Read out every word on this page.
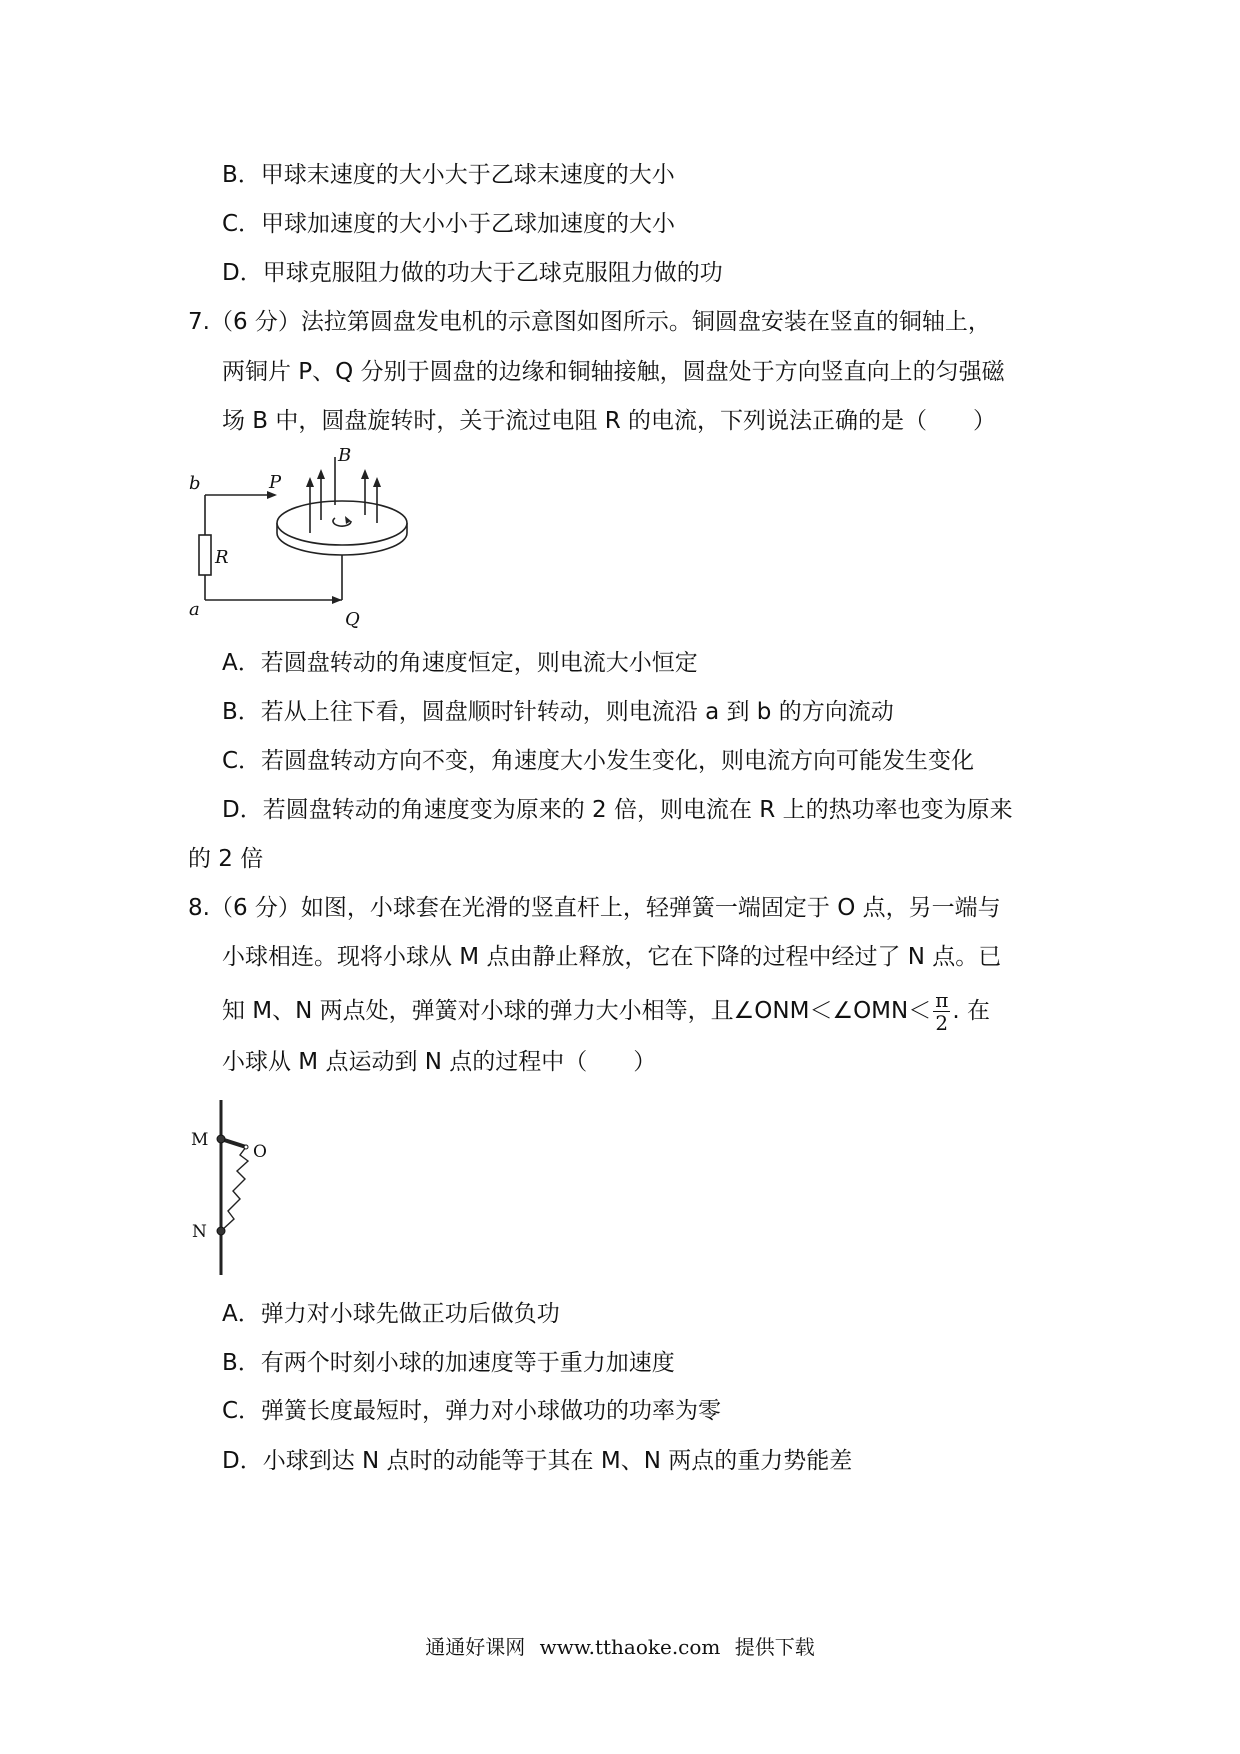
B．甲球末速度的大小大于乙球末速度的大小
C．甲球加速度的大小小于乙球加速度的大小
D．甲球克服阻力做的功大于乙球克服阻力做的功
7.（6 分）法拉第圆盘发电机的示意图如图所示。铜圆盘安装在竖直的铜轴上，
两铜片 P、Q 分别于圆盘的边缘和铜轴接触，圆盘处于方向竖直向上的匀强磁
场 B 中，圆盘旋转时，关于流过电阻 R 的电流，下列说法正确的是（　　）
b	P
B
R
a	Q
A．若圆盘转动的角速度恒定，则电流大小恒定
B．若从上往下看，圆盘顺时针转动，则电流沿 a 到 b 的方向流动
C．若圆盘转动方向不变，角速度大小发生变化，则电流方向可能发生变化
D．若圆盘转动的角速度变为原来的 2 倍，则电流在 R 上的热功率也变为原来
的 2 倍
8.（6 分）如图，小球套在光滑的竖直杆上，轻弹簧一端固定于 O 点，另一端与
小球相连。现将小球从 M 点由静止释放，它在下降的过程中经过了 N 点。已
知 M、N 两点处，弹簧对小球的弹力大小相等，且∠ONM＜∠OMN＜ $\frac{\pi}{2}$ . 在
小球从 M 点运动到 N 点的过程中（　　）
M
O
N
A．弹力对小球先做正功后做负功
B．有两个时刻小球的加速度等于重力加速度
C．弹簧长度最短时，弹力对小球做功的功率为零
D．小球到达 N 点时的动能等于其在 M、N 两点的重力势能差
通通好课网 www.tthaoke.com 提供下载
